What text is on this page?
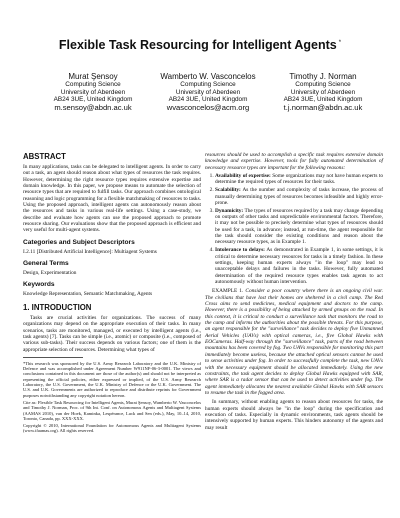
Flexible Task Resourcing for Intelligent Agents *
Murat Şensoy
Computing Science
University of Aberdeen
AB24 3UE, United Kingdom
m.sensoy@abdn.ac.uk
Wamberto W. Vasconcelos
Computing Science
University of Aberdeen
AB24 3UE, United Kingdom
wvasconcelos@acm.org
Timothy J. Norman
Computing Science
University of Aberdeen
AB24 3UE, United Kingdom
t.j.norman@abdn.ac.uk
ABSTRACT

In many applications, tasks can be delegated to intelligent agents. In order to carry out a task, an agent should reason about what types of resources the task requires. However, determining the right resource types requires extensive expertise and domain knowledge. In this paper, we propose means to automate the selection of resource types that are required to fulfill tasks. Our approach combines ontological reasoning and logic programming for a flexible matchmaking of resources to tasks. Using the proposed approach, intelligent agents can autonomously reason about the resources and tasks in various real-life settings. Using a case-study, we describe and evaluate how agents can use the proposed approach to promote resource sharing. Our evaluations show that the proposed approach is efficient and very useful for multi-agent systems.

Categories and Subject Descriptors

I.2.11 [Distributed Artificial Intelligence]: Multiagent Systems

General Terms

Design, Experimentation

Keywords

Knowledge Representation, Semantic Matchmaking, Agents

1. INTRODUCTION

Tasks are crucial activities for organizations. The success of many organizations may depend on the appropriate execution of their tasks. In many scenarios, tasks are monitored, managed, or executed by intelligent agents (i.e., task agents) [7]. Tasks can be simple (i.e., atomic) or composite (i.e., composed of various sub-tasks). Their success depends on various factors; one of them is the appropriate selection of resources. Determining what types of

*This research was sponsored by the U.S. Army Research Laboratory and the U.K. Ministry of Defence and was accomplished under Agreement Number W911NF-06-3-0001. The views and conclusions contained in this document are those of the author(s) and should not be interpreted as representing the official policies, either expressed or implied, of the U.S. Army Research Laboratory, the U.S. Government, the U.K. Ministry of Defence or the U.K. Government. The U.S. and U.K. Governments are authorized to reproduce and distribute reprints for Government purposes notwithstanding any copyright notation hereon.

Cite as: Flexible Task Resourcing for Intelligent Agents, Murat Şensoy, Wamberto W. Vasconcelos and Timothy J. Norman, Proc. of 9th Int. Conf. on Autonomous Agents and Multiagent Systems (AAMAS 2010), van der Hoek, Kaminka, Lespérance, Luck and Sen (eds.), May, 10–14, 2010, Toronto, Canada, pp. XXX-XXX.

Copyright © 2010, International Foundation for Autonomous Agents and Multiagent Systems (www.ifaamas.org). All rights reserved.

resources should be used to accomplish a specific task requires extensive domain knowledge and expertise. However, tools for fully automated determination of necessary resource types are important for the following reasons:

1. Availability of expertise: Some organizations may not have human experts to determine the required types of resources for their tasks.
2. Scalability: As the number and complexity of tasks increase, the process of manually determining types of resources becomes infeasible and highly error-prone.
3. Dynamicity: The types of resources required by a task may change depending on outputs of other tasks and unpredictable environmental factors. Therefore, it may not be possible to precisely determine what types of resources should be used for a task, in advance; instead, at run-time, the agent responsible for the task should consider the existing conditions and reason about the necessary resource types, as in Example 1.
4. Intolerance to delays: As demonstrated in Example 1, in some settings, it is critical to determine necessary resources for tasks in a timely fashion. In these settings, keeping human experts always "in the loop" may lead to unacceptable delays and failures in the tasks. However, fully automated determination of the required resource types enables task agents to act autonomously without human intervention.

EXAMPLE 1. Consider a poor country where there is an ongoing civil war. The civilians that have lost their homes are sheltered in a civil camp. The Red Cross aims to send medicines, medical equipment and doctors to the camp. However, there is a possibility of being attacked by armed groups on the road. In this context, it is critical to conduct a surveillance task that monitors the road to the camp and informs the authorities about the possible threats. For this purpose, an agent responsible for the "surveillance" task decides to deploy five Unmanned Aerial Vehicles (UAVs) with optical cameras, i.e., five Global Hawks with EOCameras. Half-way through the "surveillance" task, parts of the road between mountains has been covered by fog. Two UAVs responsible for monitoring this part immediately become useless, because the attached optical sensors cannot be used to sense activities under fog. In order to successfully complete the task, new UAVs with the necessary equipment should be allocated immediately. Using the new constraints, the task agent decides to deploy Global Hawks equipped with SAR, where SAR is a radar sensor that can be used to detect activities under fog. The agent immediately allocates the nearest available Global Hawks with SAR sensors to resume the task in the fogged area.

In summary, without enabling agents to reason about resources for tasks, the human experts should always be "in the loop" during the specification and execution of tasks. Especially in dynamic environments, task agents should be intensively supported by human experts. This hinders autonomy of the agents and may result
